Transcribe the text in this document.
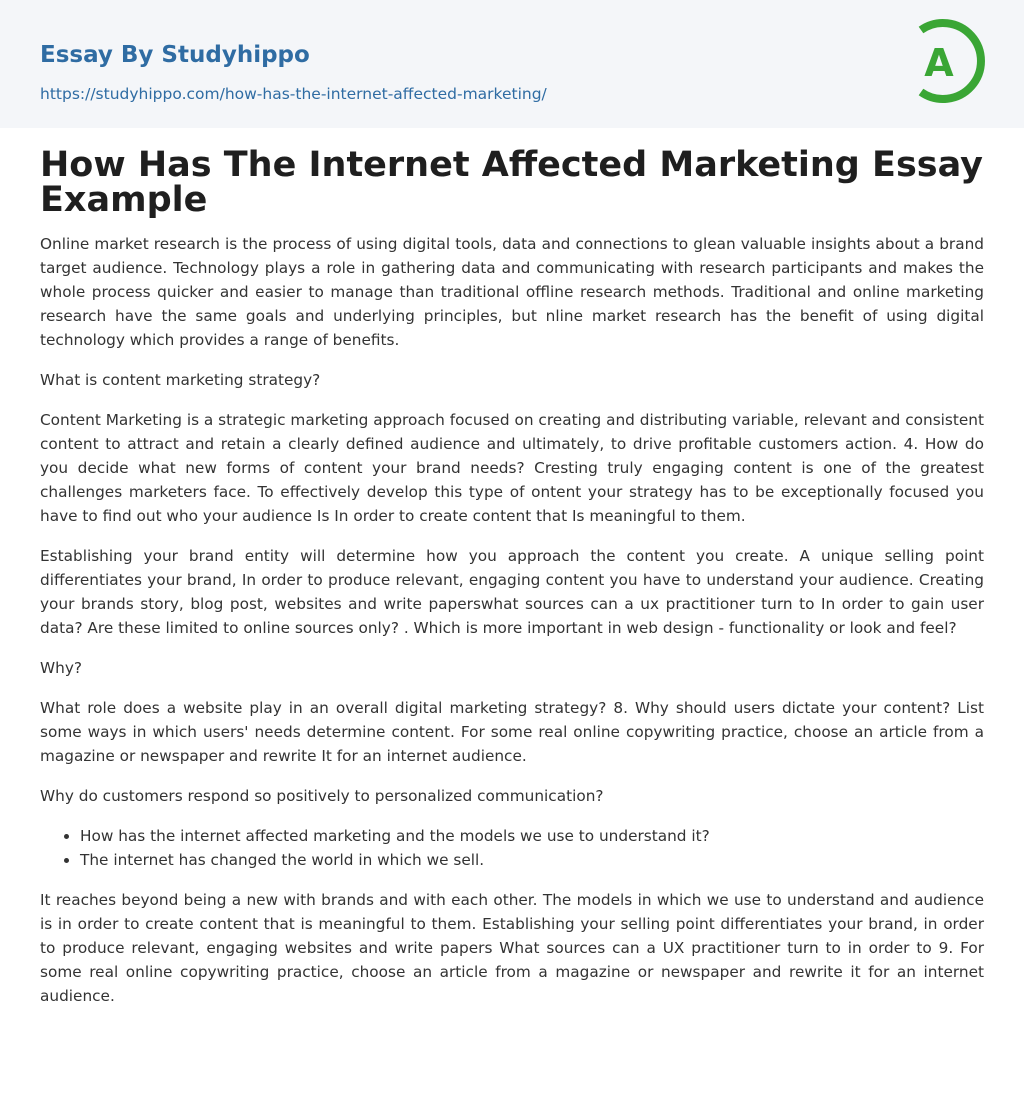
Essay By Studyhippo
https://studyhippo.com/how-has-the-internet-affected-marketing/
A
How Has The Internet Affected Marketing Essay Example

Online market research is the process of using digital tools, data and connections to glean valuable insights about a brand target audience. Technology plays a role in gathering data and communicating with research participants and makes the whole process quicker and easier to manage than traditional offline research methods. Traditional and online marketing research have the same goals and underlying principles, but nline market research has the benefit of using digital technology which provides a range of benefits.

What is content marketing strategy?

Content Marketing is a strategic marketing approach focused on creating and distributing variable, relevant and consistent content to attract and retain a clearly defined audience and ultimately, to drive profitable customers action. 4. How do you decide what new forms of content your brand needs? Cresting truly engaging content is one of the greatest challenges marketers face. To effectively develop this type of ontent your strategy has to be exceptionally focused you have to find out who your audience Is In order to create content that Is meaningful to them.

Establishing your brand entity will determine how you approach the content you create. A unique selling point differentiates your brand, In order to produce relevant, engaging content you have to understand your audience. Creating your brands story, blog post, websites and write paperswhat sources can a ux practitioner turn to In order to gain user data? Are these limited to online sources only? . Which is more important in web design - functionality or look and feel?

Why?

What role does a website play in an overall digital marketing strategy? 8. Why should users dictate your content? List some ways in which users' needs determine content. For some real online copywriting practice, choose an article from a magazine or newspaper and rewrite It for an internet audience.

Why do customers respond so positively to personalized communication?

• How has the internet affected marketing and the models we use to understand it?
• The internet has changed the world in which we sell.

It reaches beyond being a new with brands and with each other. The models in which we use to understand and audience is in order to create content that is meaningful to them. Establishing your selling point differentiates your brand, in order to produce relevant, engaging websites and write papers What sources can a UX practitioner turn to in order to 9. For some real online copywriting practice, choose an article from a magazine or newspaper and rewrite it for an internet audience.
